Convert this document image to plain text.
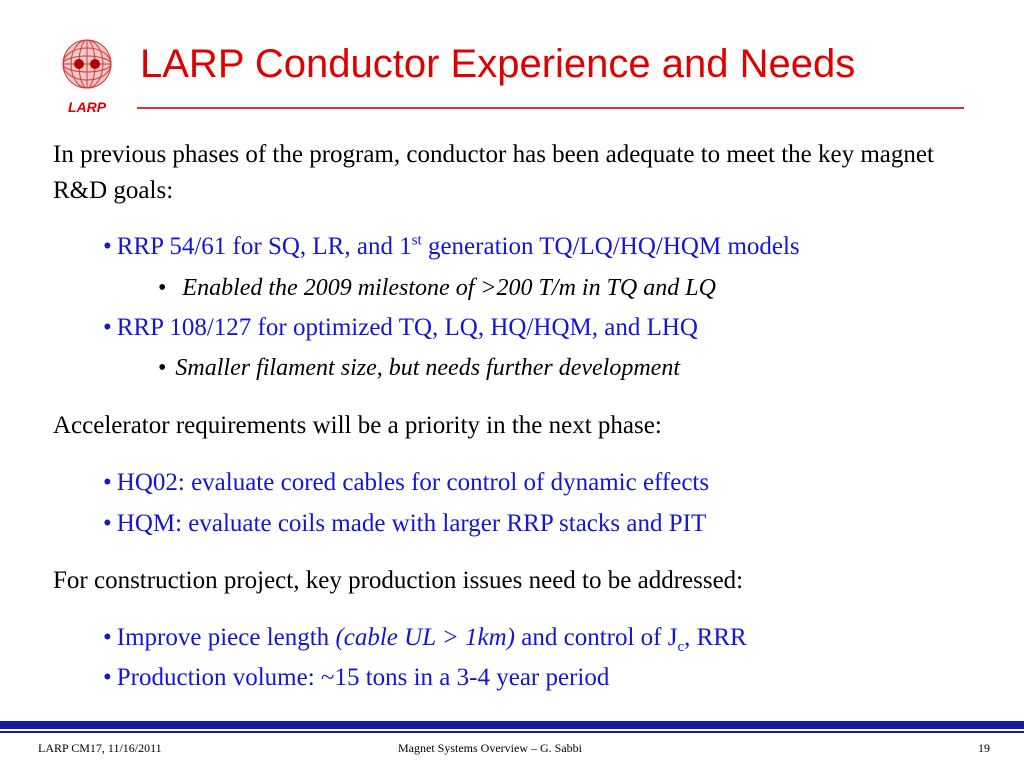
LARP
LARP Conductor Experience and Needs
In previous phases of the program, conductor has been adequate to meet the key magnet R&D goals:
• RRP 54/61 for SQ, LR, and 1st generation TQ/LQ/HQ/HQM models
• Enabled the 2009 milestone of >200 T/m in TQ and LQ
• RRP 108/127 for optimized TQ, LQ, HQ/HQM, and LHQ
• Smaller filament size, but needs further development
Accelerator requirements will be a priority in the next phase:
• HQ02: evaluate cored cables for control of dynamic effects
• HQM: evaluate coils made with larger RRP stacks and PIT
For construction project, key production issues need to be addressed:
• Improve piece length (cable UL > 1km) and control of $J_c$, RRR
• Production volume: ~15 tons in a 3-4 year period
LARP CM17, 11/16/2011	Magnet Systems Overview – G. Sabbi	19
